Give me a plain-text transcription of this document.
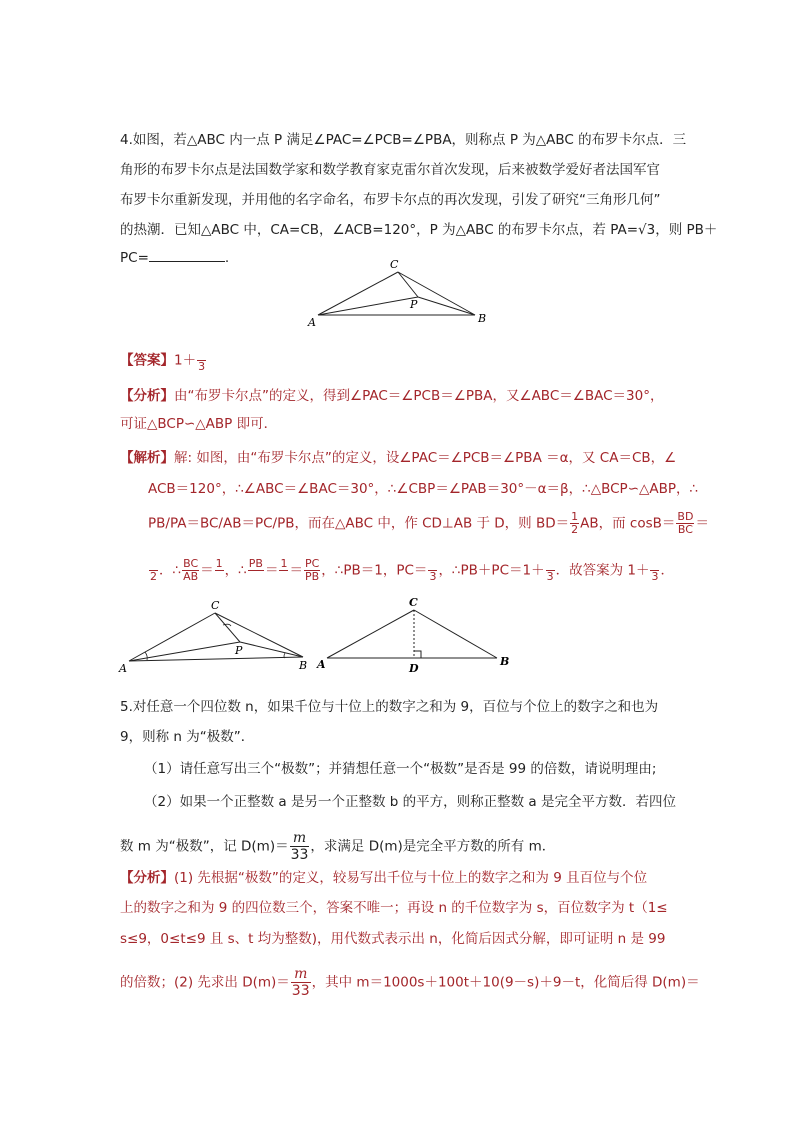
4.如图，若△ABC 内一点 P 满足∠PAC=∠PCB=∠PBA，则称点 P 为△ABC 的布罗卡尔点．三
角形的布罗卡尔点是法国数学家和数学教育家克雷尔首次发现，后来被数学爱好者法国军官
布罗卡尔重新发现，并用他的名字命名，布罗卡尔点的再次发现，引发了研究“三角形几何”
的热潮．已知△ABC 中，CA=CB，∠ACB=120°，P 为△ABC 的布罗卡尔点，若 PA=√3，则 PB＋
PC=	.	C
P
A	B
【答案】1＋
3
【分析】由“布罗卡尔点”的定义，得到∠PAC＝∠PCB＝∠PBA，又∠ABC＝∠BAC＝30°，
可证△BCP∽△ABP 即可．
【解析】解: 如图，由“布罗卡尔点”的定义，设∠PAC＝∠PCB＝∠PBA ＝α，又 CA＝CB，∠
ACB＝120°，∴∠ABC＝∠BAC＝30°，∴∠CBP＝∠PAB＝30°－α＝β，∴△BCP∽△ABP，∴
PB/PA＝BC/AB＝PC/PB，而在△ABC 中，作 CD⊥AB 于 D，则 $BD= \frac{1}{2}$ AB，而 $\cos B= \frac{BD}{BC}$ ＝

2 ．∴ $\frac{BC}{AB} = 1$
，∴ PB
＝ 1
＝ $\frac{PC}{PB}$ ，∴PB＝1，PC＝
3 ，∴PB＋PC＝1＋
3 ．故答案为 1＋
3 ．
C
P
A	B
C
A	B
D
5.对任意一个四位数 n，如果千位与十位上的数字之和为 9，百位与个位上的数字之和也为
9，则称 n 为“极数”．
（1）请任意写出三个“极数”；并猜想任意一个“极数”是否是 99 的倍数，请说明理由;
（2）如果一个正整数 a 是另一个正整数 b 的平方，则称正整数 a 是完全平方数．若四位
数 m 为“极数”，记 $D(m)= \frac{m}{33}$ ，求满足 D(m)是完全平方数的所有 m．
【分析】(1) 先根据“极数”的定义，较易写出千位与十位上的数字之和为 9 且百位与个位
上的数字之和为 9 的四位数三个，答案不唯一；再设 n 的千位数字为 s，百位数字为 t（1≤
s≤9，0≤t≤9 且 s、t 均为整数)，用代数式表示出 n，化简后因式分解，即可证明 n 是 99
的倍数；(2) 先求出 $D(m)= \frac{m}{33}$ ，其中 m＝1000s＋100t＋10(9－s)＋9－t，化简后得 D(m)＝
